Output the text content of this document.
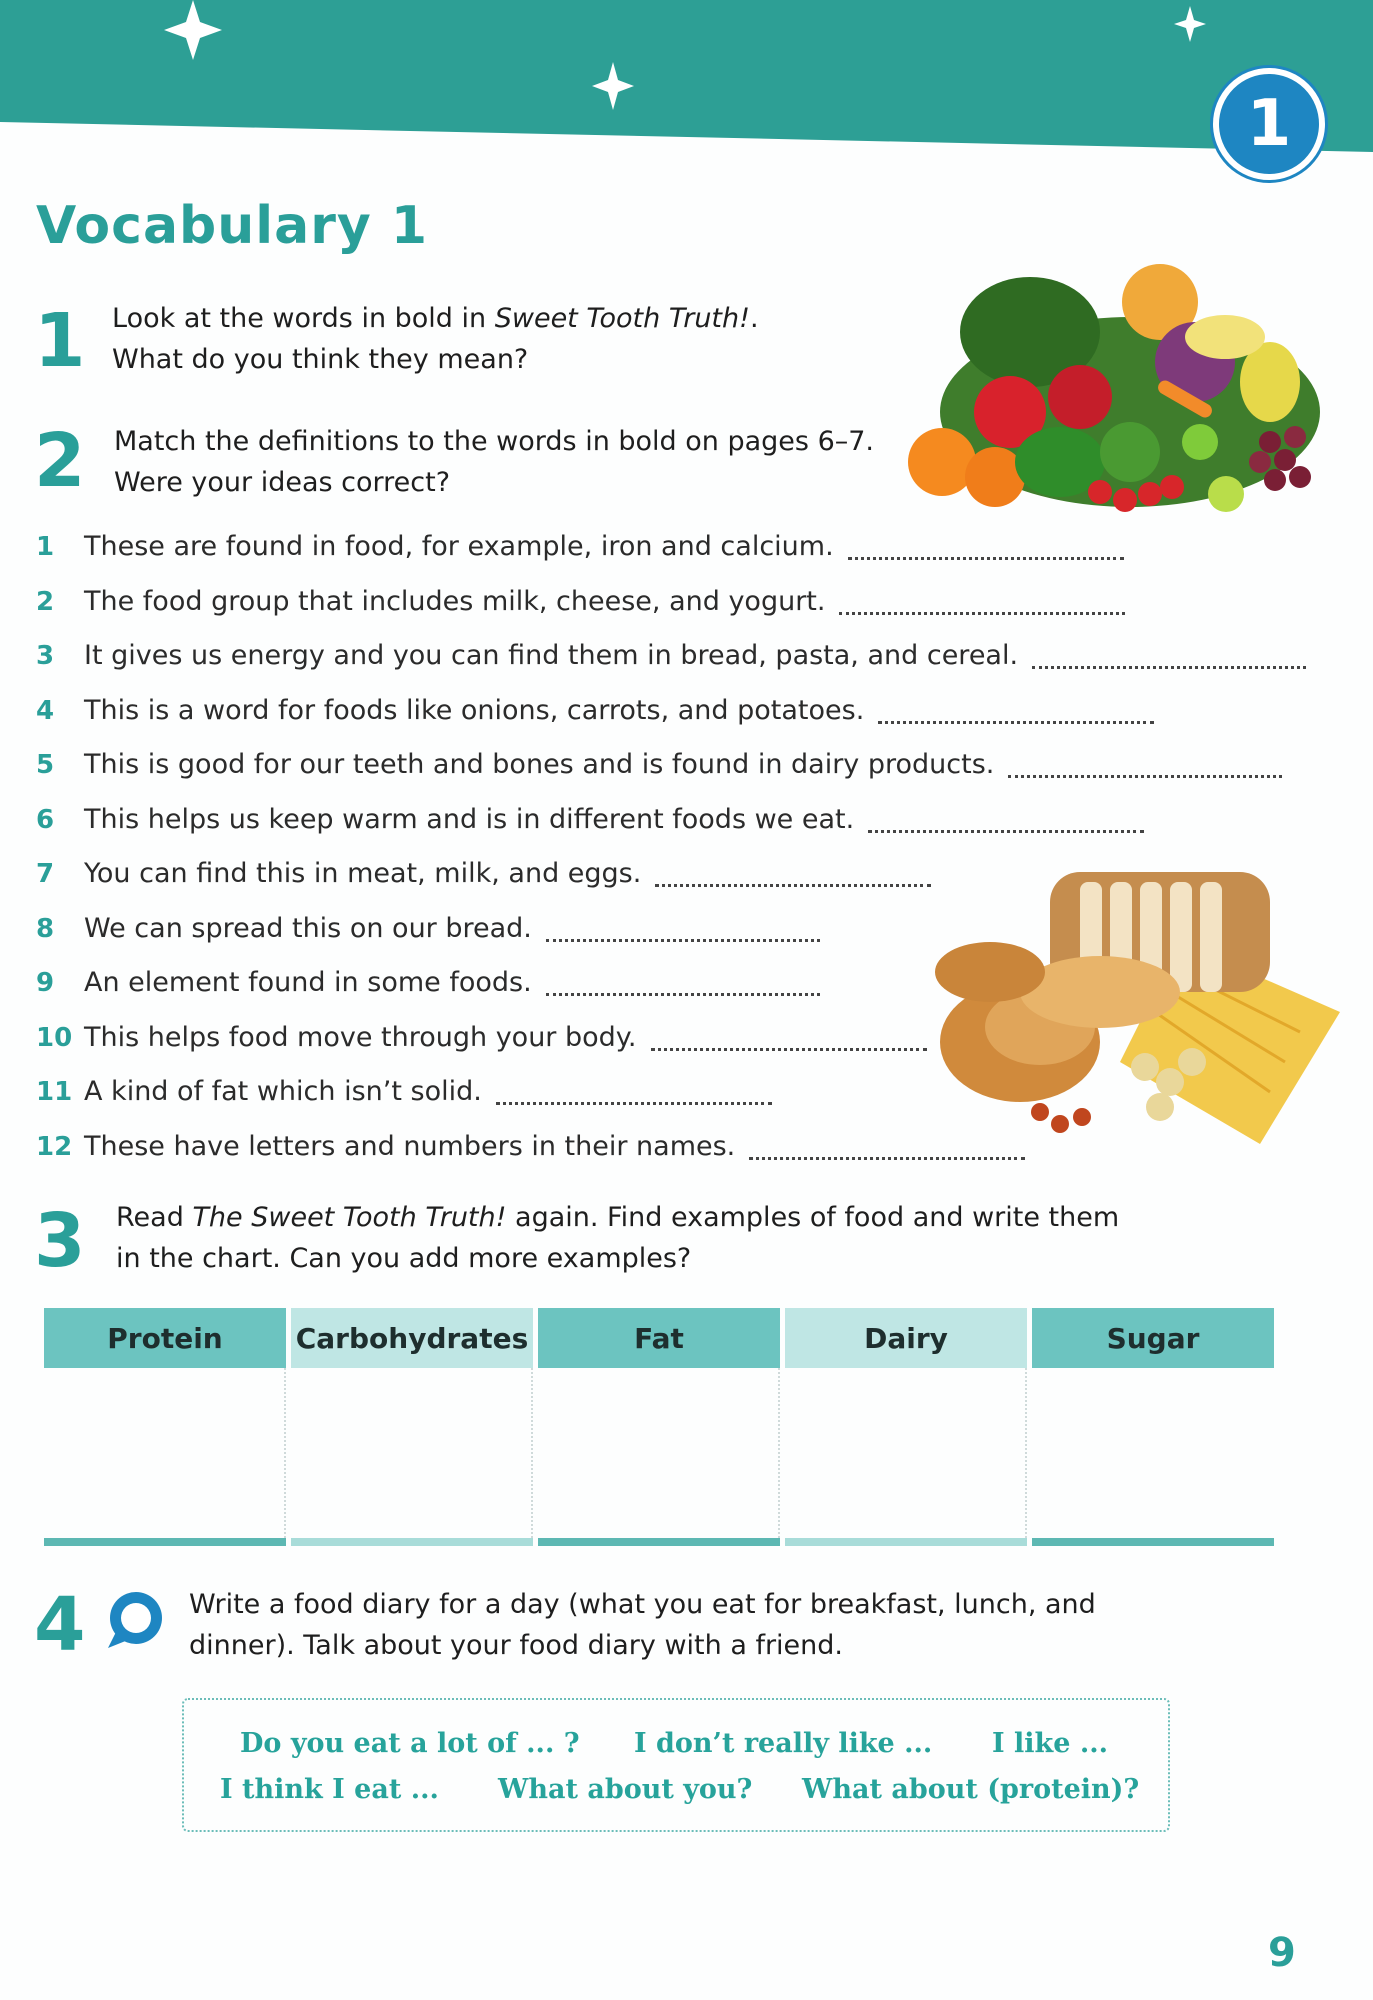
1
Vocabulary 1
1 Look at the words in bold in Sweet Tooth Truth!.
What do you think they mean?
2 Match the definitions to the words in bold on pages 6–7.
Were your ideas correct?
1	These are found in food, for example, iron and calcium.
2	The food group that includes milk, cheese, and yogurt.
3	It gives us energy and you can find them in bread, pasta, and cereal.
4	This is a word for foods like onions, carrots, and potatoes.
5	This is good for our teeth and bones and is found in dairy products.
6	This helps us keep warm and is in different foods we eat.
7	You can find this in meat, milk, and eggs.
8	We can spread this on our bread.
9	An element found in some foods.
10 This helps food move through your body.
11 A kind of fat which isn’t solid.
12 These have letters and numbers in their names.
3 Read The Sweet Tooth Truth! again. Find examples of food and write them
in the chart. Can you add more examples?
Protein	Carbohydrates	Fat	Dairy	Sugar
4	Write a food diary for a day (what you eat for breakfast, lunch, and
dinner). Talk about your food diary with a friend.
Do you eat a lot of ... ? I don’t really like ... I like ...
I think I eat ... What about you? What about (protein)?
9
